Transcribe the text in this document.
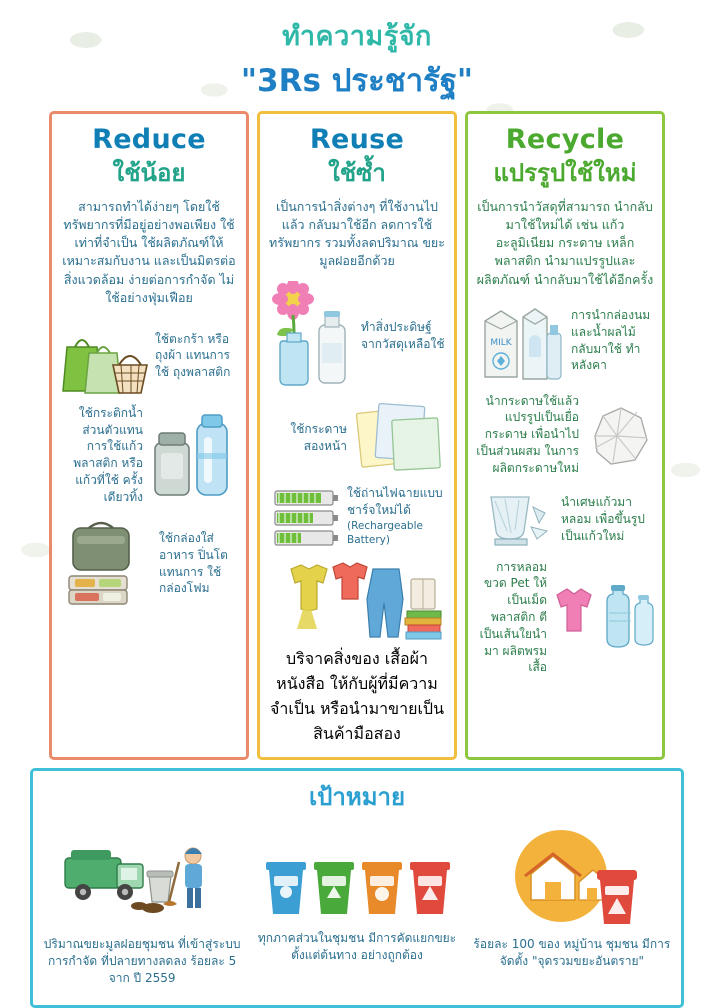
ทำความรู้จัก
"3Rs ประชารัฐ"
Reduce
ใช้น้อย
สามารถทำได้ง่ายๆ โดยใช้ทรัพยากรที่มีอยู่อย่างพอเพียง ใช้เท่าที่จำเป็น ใช้ผลิตภัณฑ์ให้เหมาะสมกับงาน และเป็นมิตรต่อสิ่งแวดล้อม ง่ายต่อการกำจัด ไม่ใช้อย่างฟุ่มเฟือย
ใช้ตะกร้า หรือถุงผ้า แทนการใช้ ถุงพลาสติก
ใช้กระติกน้ำส่วนตัวแทน การใช้แก้วพลาสติก หรือแก้วที่ใช้ ครั้งเดียวทิ้ง
ใช้กล่องใส่อาหาร ปิ่นโต แทนการ ใช้กล่องโฟม
Reuse
ใช้ซ้ำ
เป็นการนำสิ่งต่างๆ ที่ใช้งานไปแล้ว กลับมาใช้อีก ลดการใช้ทรัพยากร รวมทั้งลดปริมาณ ขยะมูลฝอยอีกด้วย
ทำสิ่งประดิษฐ์ จากวัสดุเหลือใช้
ใช้กระดาษ สองหน้า
ใช้ถ่านไฟฉายแบบ ชาร์จใหม่ได้
(Rechargeable Battery)
บริจาคสิ่งของ เสื้อผ้า หนังสือ ให้กับผู้ที่มีความจำเป็น หรือนำมาขายเป็นสินค้ามือสอง
Recycle
แปรรูปใช้ใหม่
เป็นการนำวัสดุที่สามารถ นำกลับมาใช้ใหม่ได้ เช่น แก้ว อะลูมิเนียม กระดาษ เหล็ก พลาสติก นำมาแปรรูปและผลิตภัณฑ์ นำกลับมาใช้ได้อีกครั้ง
MILK
การนำกล่องนม และน้ำผลไม้ กลับมาใช้ ทำหลังคา
นำกระดาษใช้แล้ว แปรรูปเป็นเยื่อกระดาษ เพื่อนำไปเป็นส่วนผสม ในการผลิตกระดาษใหม่
นำเศษแก้วมาหลอม เพื่อขึ้นรูปเป็นแก้วใหม่
การหลอมขวด Pet ให้เป็นเม็ดพลาสติก ตีเป็นเส้นใยนำมา ผลิตพรม เสื้อ
เป้าหมาย
ปริมาณขยะมูลฝอยชุมชน ที่เข้าสู่ระบบการกำจัด ที่ปลายทางลดลง ร้อยละ 5 จาก ปี 2559
ทุกภาคส่วนในชุมชน มีการคัดแยกขยะ ตั้งแต่ต้นทาง อย่างถูกต้อง
ร้อยละ 100 ของ หมู่บ้าน ชุมชน มีการจัดตั้ง "จุดรวมขยะอันตราย"
